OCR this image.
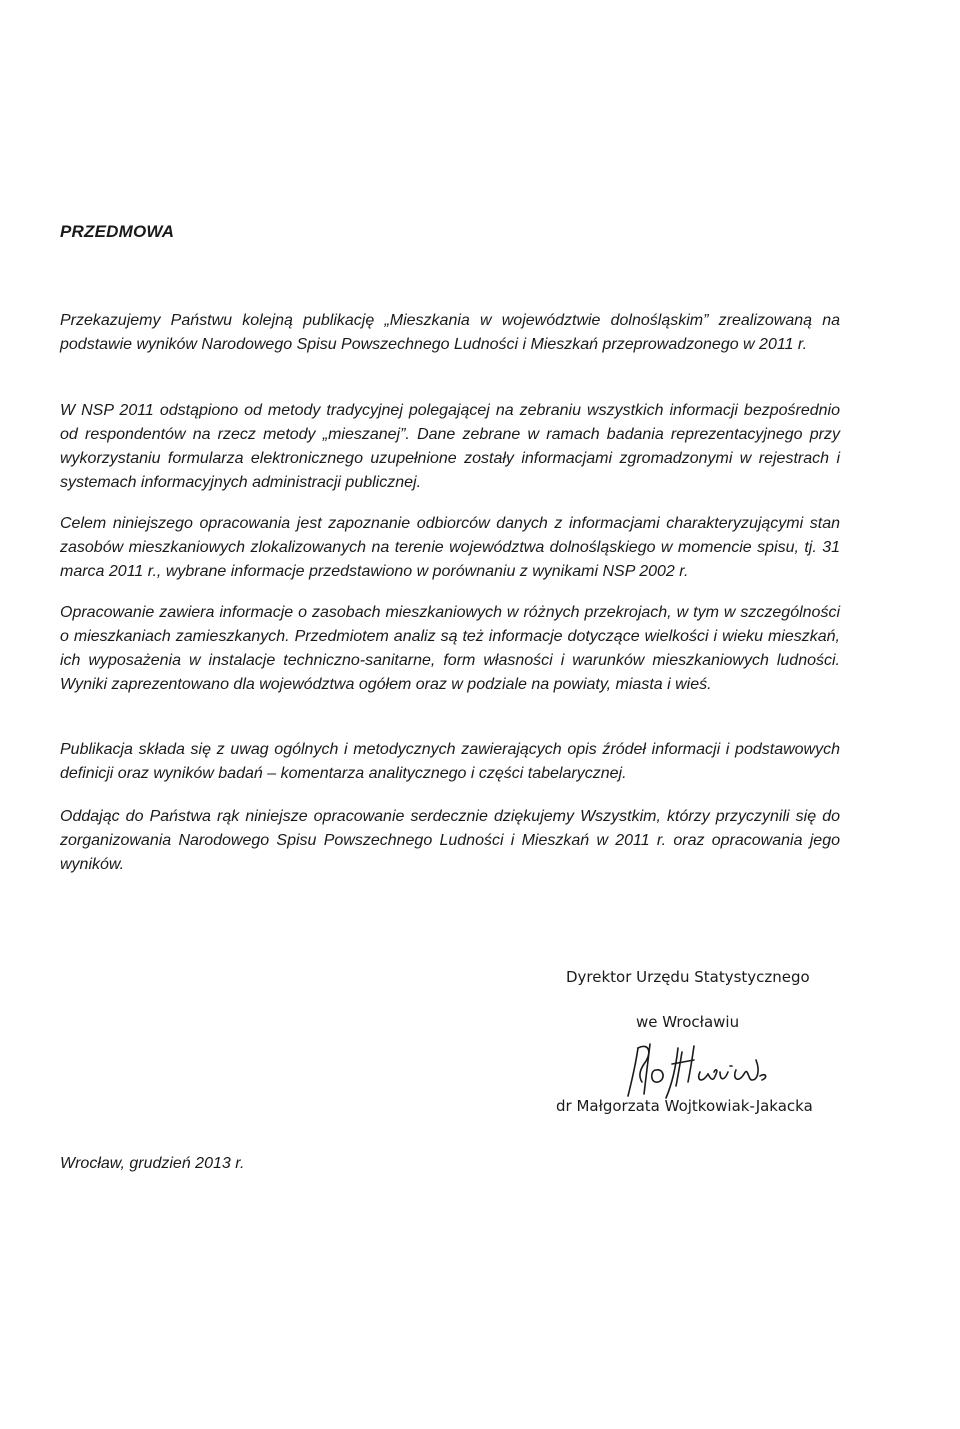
PRZEDMOWA

Przekazujemy Państwu kolejną publikację „Mieszkania w województwie dolnośląskim” zrealizowaną na podstawie wyników Narodowego Spisu Powszechnego Ludności i Mieszkań przeprowadzonego w 2011 r.

W NSP 2011 odstąpiono od metody tradycyjnej polegającej na zebraniu wszystkich informacji bezpośrednio od respondentów na rzecz metody „mieszanej”. Dane zebrane w ramach badania reprezentacyjnego przy wykorzystaniu formularza elektronicznego uzupełnione zostały informacjami zgromadzonymi w rejestrach i systemach informacyjnych administracji publicznej.

Celem niniejszego opracowania jest zapoznanie odbiorców danych z informacjami charakteryzującymi stan zasobów mieszkaniowych zlokalizowanych na terenie województwa dolnośląskiego w momencie spisu, tj. 31 marca 2011 r., wybrane informacje przedstawiono w porównaniu z wynikami NSP 2002 r.

Opracowanie zawiera informacje o zasobach mieszkaniowych w różnych przekrojach, w tym w szczególności o mieszkaniach zamieszkanych. Przedmiotem analiz są też informacje dotyczące wielkości i wieku mieszkań, ich wyposażenia w instalacje techniczno-sanitarne, form własności i warunków mieszkaniowych ludności. Wyniki zaprezentowano dla województwa ogółem oraz w podziale na powiaty, miasta i wieś.

Publikacja składa się z uwag ogólnych i metodycznych zawierających opis źródeł informacji i podstawowych definicji oraz wyników badań – komentarza analitycznego i części tabelarycznej.

Oddając do Państwa rąk niniejsze opracowanie serdecznie dziękujemy Wszystkim, którzy przyczynili się do zorganizowania Narodowego Spisu Powszechnego Ludności i Mieszkań w 2011 r. oraz opracowania jego wyników.

Dyrektor Urzędu Statystycznego
we Wrocławiu
dr Małgorzata Wojtkowiak-Jakacka
Wrocław, grudzień 2013 r.
